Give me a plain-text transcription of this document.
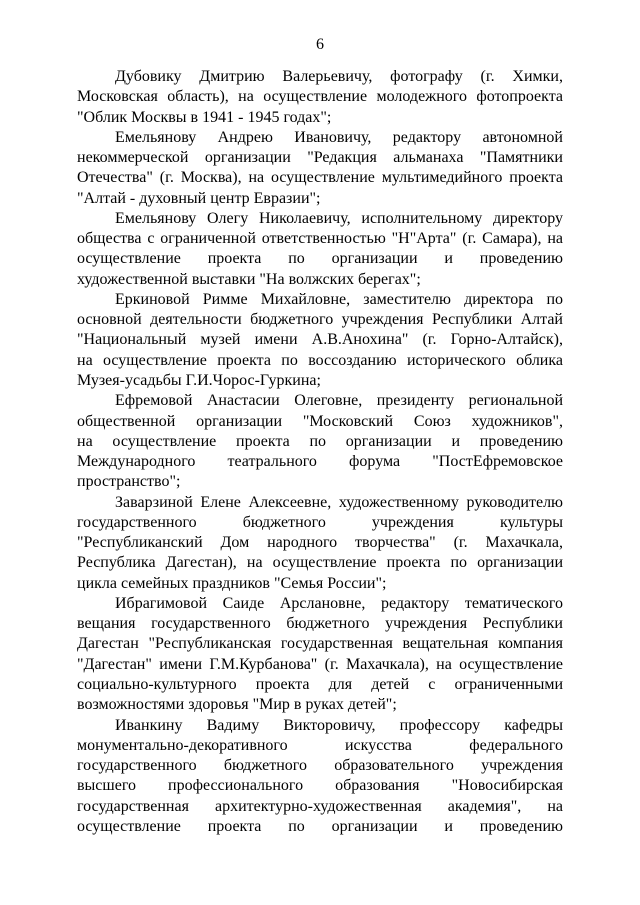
6
Дубовику Дмитрию Валерьевичу, фотографу (г. Химки,
Московская область), на осуществление молодежного фотопроекта
"Облик Москвы в 1941 - 1945 годах";
Емельянову Андрею Ивановичу, редактору автономной
некоммерческой организации "Редакция альманаха "Памятники
Отечества" (г. Москва), на осуществление мультимедийного проекта
"Алтай - духовный центр Евразии";
Емельянову Олегу Николаевичу, исполнительному директору
общества с ограниченной ответственностью "Н"Арта" (г. Самара), на
осуществление проекта по организации и проведению
художественной выставки "На волжских берегах";
Еркиновой Римме Михайловне, заместителю директора по
основной деятельности бюджетного учреждения Республики Алтай
"Национальный музей имени А.В.Анохина" (г. Горно-Алтайск),
на осуществление проекта по воссозданию исторического облика
Музея-усадьбы Г.И.Чорос-Гуркина;
Ефремовой Анастасии Олеговне, президенту региональной
общественной организации "Московский Союз художников",
на осуществление проекта по организации и проведению
Международного театрального форума "ПостЕфремовское
пространство";
Заварзиной Елене Алексеевне, художественному руководителю
государственного бюджетного учреждения культуры
"Республиканский Дом народного творчества" (г. Махачкала,
Республика Дагестан), на осуществление проекта по организации
цикла семейных праздников "Семья России";
Ибрагимовой Саиде Арслановне, редактору тематического
вещания государственного бюджетного учреждения Республики
Дагестан "Республиканская государственная вещательная компания
"Дагестан" имени Г.М.Курбанова" (г. Махачкала), на осуществление
социально-культурного проекта для детей с ограниченными
возможностями здоровья "Мир в руках детей";
Иванкину Вадиму Викторовичу, профессору кафедры
монументально-декоративного искусства федерального
государственного бюджетного образовательного учреждения
высшего профессионального образования "Новосибирская
государственная архитектурно-художественная академия", на
осуществление проекта по организации и проведению
